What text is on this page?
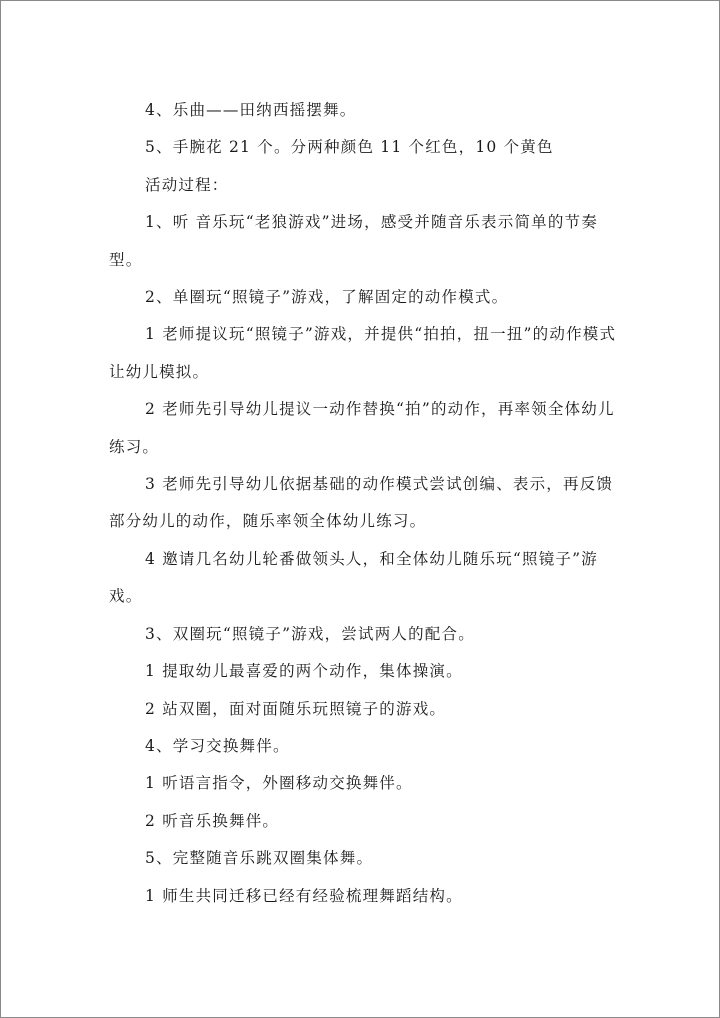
4、乐曲——田纳西摇摆舞。

5、手腕花 21 个。分两种颜色 11 个红色，10 个黄色

活动过程：

1、听 音乐玩“老狼游戏”进场，感受并随音乐表示简单的节奏型。

2、单圈玩“照镜子”游戏，了解固定的动作模式。

1 老师提议玩“照镜子”游戏，并提供“拍拍，扭一扭”的动作模式让幼儿模拟。

2 老师先引导幼儿提议一动作替换“拍”的动作，再率领全体幼儿练习。

3 老师先引导幼儿依据基础的动作模式尝试创编、表示，再反馈部分幼儿的动作，随乐率领全体幼儿练习。

4 邀请几名幼儿轮番做领头人，和全体幼儿随乐玩“照镜子”游戏。

3、双圈玩“照镜子”游戏，尝试两人的配合。

1 提取幼儿最喜爱的两个动作，集体操演。

2 站双圈，面对面随乐玩照镜子的游戏。

4、学习交换舞伴。

1 听语言指令，外圈移动交换舞伴。

2 听音乐换舞伴。

5、完整随音乐跳双圈集体舞。

1 师生共同迁移已经有经验梳理舞蹈结构。
